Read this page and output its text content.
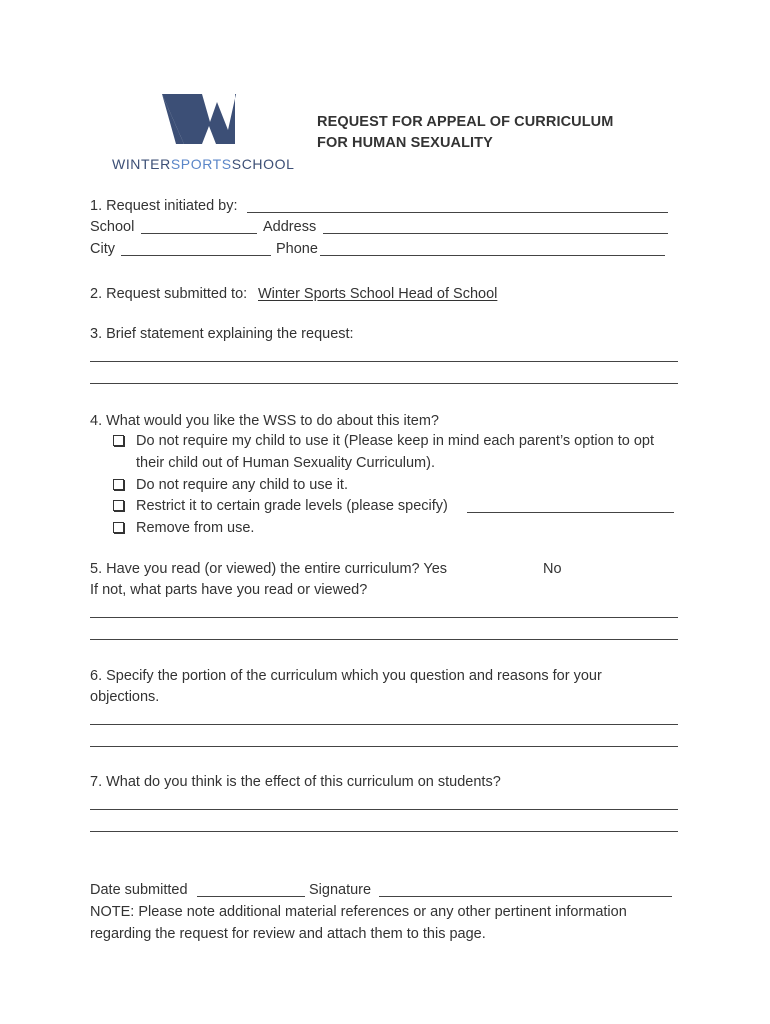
WINTERSPORTSSCHOOL
REQUEST FOR APPEAL OF CURRICULUM
FOR HUMAN SEXUALITY
1. Request initiated by:
School	Address
City	Phone
2. Request submitted to: Winter Sports School Head of School
3. Brief statement explaining the request:
4. What would you like the WSS to do about this item?
Do not require my child to use it (Please keep in mind each parent’s option to opt
their child out of Human Sexuality Curriculum).
Do not require any child to use it.
Restrict it to certain grade levels (please specify)
Remove from use.
5. Have you read (or viewed) the entire curriculum? Yes	No
If not, what parts have you read or viewed?
6. Specify the portion of the curriculum which you question and reasons for your
objections.
7. What do you think is the effect of this curriculum on students?
Date submitted	Signature
NOTE: Please note additional material references or any other pertinent information
regarding the request for review and attach them to this page.
